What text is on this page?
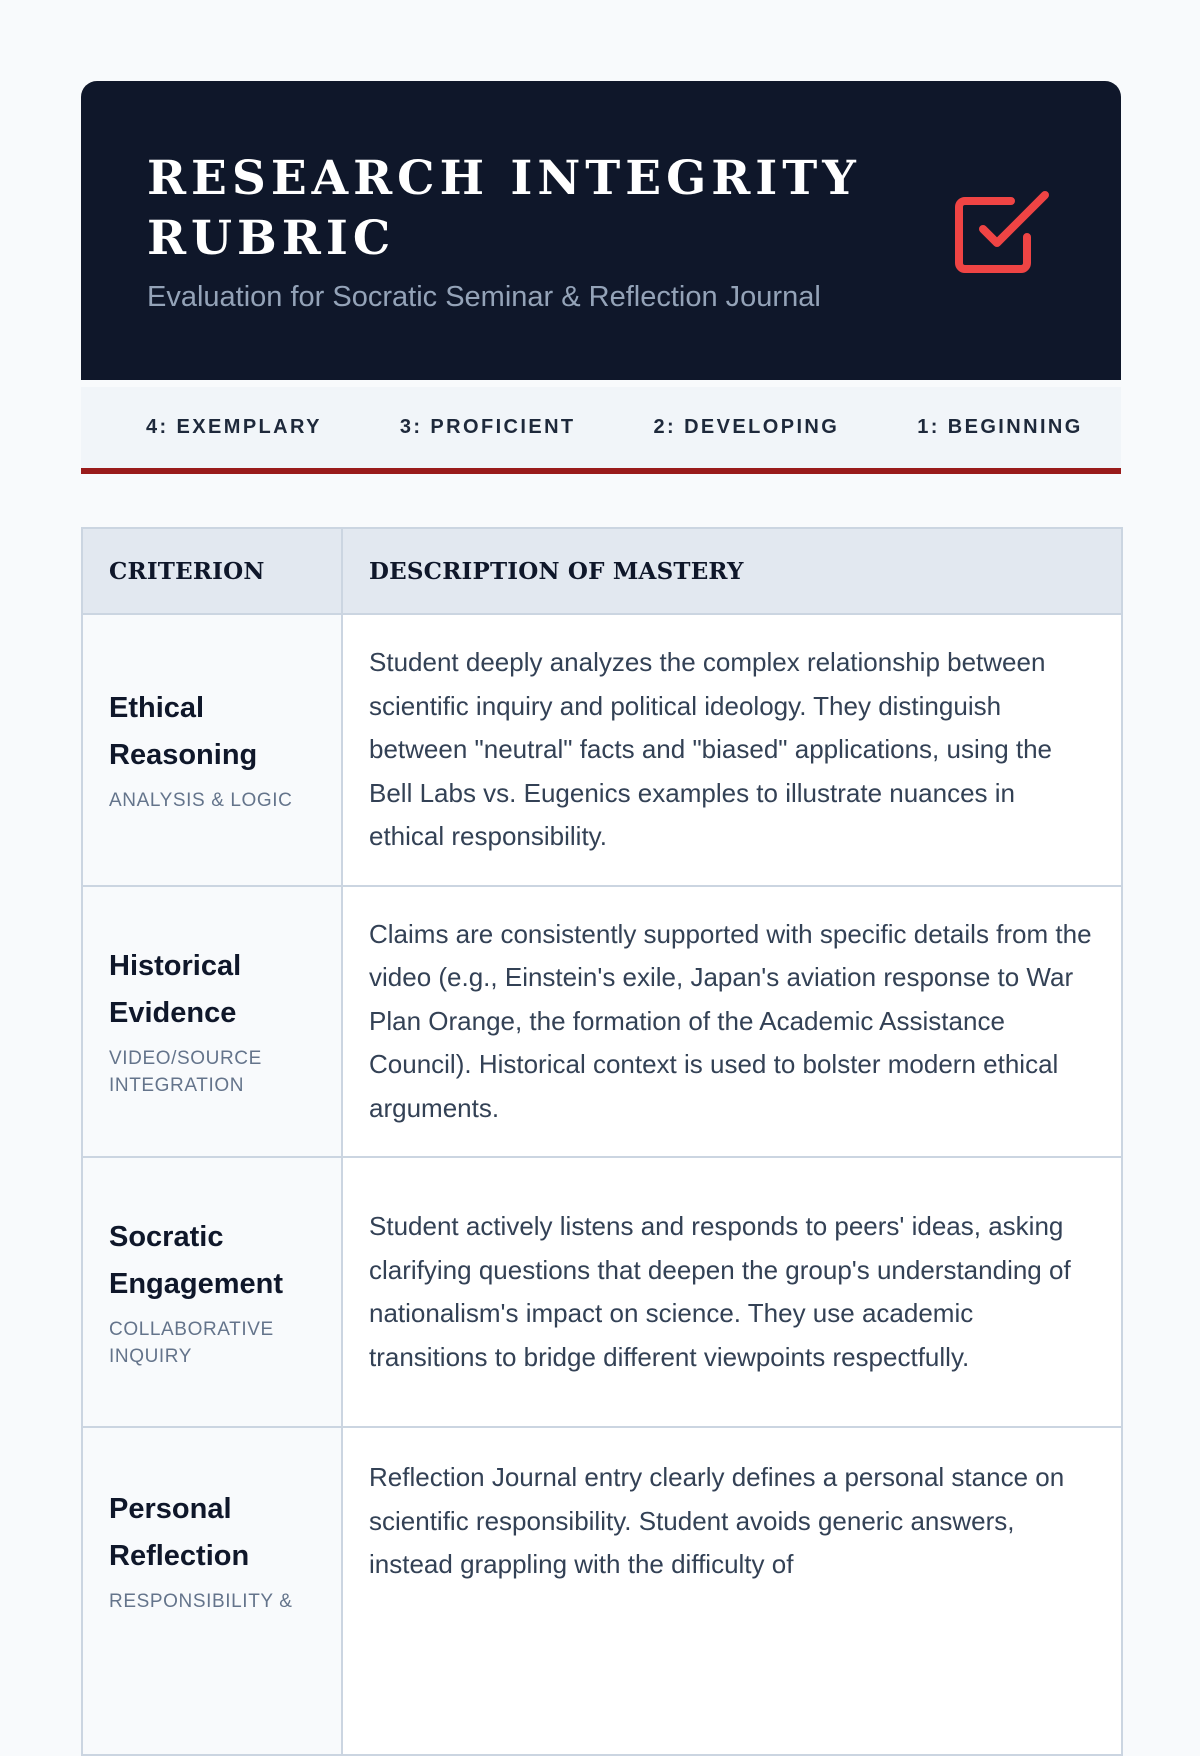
RESEARCH INTEGRITY RUBRIC
Evaluation for Socratic Seminar & Reflection Journal
4: EXEMPLARY	3: PROFICIENT	2: DEVELOPING	1: BEGINNING
CRITERION	DESCRIPTION OF MASTERY

Ethical Reasoning
ANALYSIS & LOGIC	Student deeply analyzes the complex relationship between scientific inquiry and political ideology. They distinguish between "neutral" facts and "biased" applications, using the Bell Labs vs. Eugenics examples to illustrate nuances in ethical responsibility.

Historical Evidence
VIDEO/SOURCE INTEGRATION	Claims are consistently supported with specific details from the video (e.g., Einstein's exile, Japan's aviation response to War Plan Orange, the formation of the Academic Assistance Council). Historical context is used to bolster modern ethical arguments.

Socratic Engagement
COLLABORATIVE INQUIRY	Student actively listens and responds to peers' ideas, asking clarifying questions that deepen the group's understanding of nationalism's impact on science. They use academic transitions to bridge different viewpoints respectfully.

Personal Reflection
RESPONSIBILITY &	Reflection Journal entry clearly defines a personal stance on scientific responsibility. Student avoids generic answers, instead grappling with the difficulty of
